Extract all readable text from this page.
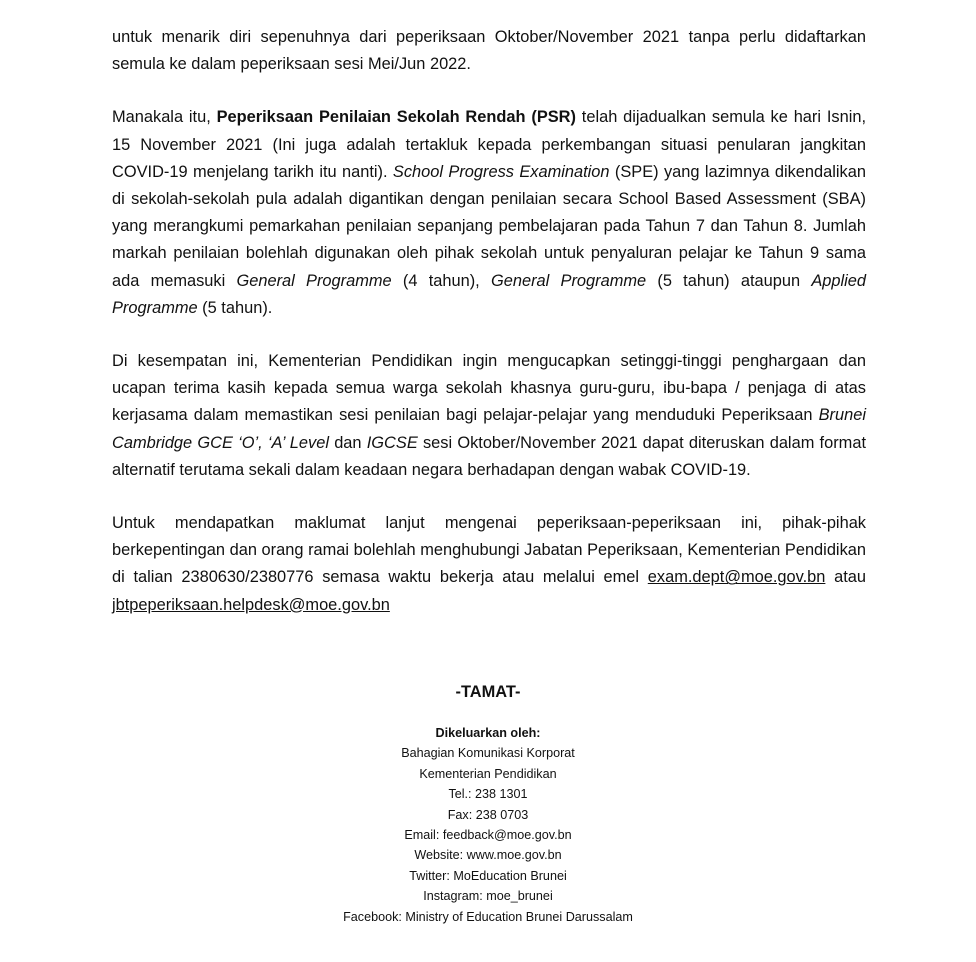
untuk menarik diri sepenuhnya dari peperiksaan Oktober/November 2021 tanpa perlu didaftarkan semula ke dalam peperiksaan sesi Mei/Jun 2022.

Manakala itu, Peperiksaan Penilaian Sekolah Rendah (PSR) telah dijadualkan semula ke hari Isnin, 15 November 2021 (Ini juga adalah tertakluk kepada perkembangan situasi penularan jangkitan COVID-19 menjelang tarikh itu nanti). School Progress Examination (SPE) yang lazimnya dikendalikan di sekolah-sekolah pula adalah digantikan dengan penilaian secara School Based Assessment (SBA) yang merangkumi pemarkahan penilaian sepanjang pembelajaran pada Tahun 7 dan Tahun 8. Jumlah markah penilaian bolehlah digunakan oleh pihak sekolah untuk penyaluran pelajar ke Tahun 9 sama ada memasuki General Programme (4 tahun), General Programme (5 tahun) ataupun Applied Programme (5 tahun).

Di kesempatan ini, Kementerian Pendidikan ingin mengucapkan setinggi-tinggi penghargaan dan ucapan terima kasih kepada semua warga sekolah khasnya guru-guru, ibu-bapa / penjaga di atas kerjasama dalam memastikan sesi penilaian bagi pelajar-pelajar yang menduduki Peperiksaan Brunei Cambridge GCE ‘O’, ‘A’ Level dan IGCSE sesi Oktober/November 2021 dapat diteruskan dalam format alternatif terutama sekali dalam keadaan negara berhadapan dengan wabak COVID-19.

Untuk mendapatkan maklumat lanjut mengenai peperiksaan-peperiksaan ini, pihak-pihak berkepentingan dan orang ramai bolehlah menghubungi Jabatan Peperiksaan, Kementerian Pendidikan di talian 2380630/2380776 semasa waktu bekerja atau melalui emel exam.dept@moe.gov.bn atau jbtpeperiksaan.helpdesk@moe.gov.bn

-TAMAT-
Dikeluarkan oleh:
Bahagian Komunikasi Korporat
Kementerian Pendidikan
Tel.: 238 1301
Fax: 238 0703
Email: feedback@moe.gov.bn
Website: www.moe.gov.bn
Twitter: MoEducation Brunei
Instagram: moe_brunei
Facebook: Ministry of Education Brunei Darussalam
